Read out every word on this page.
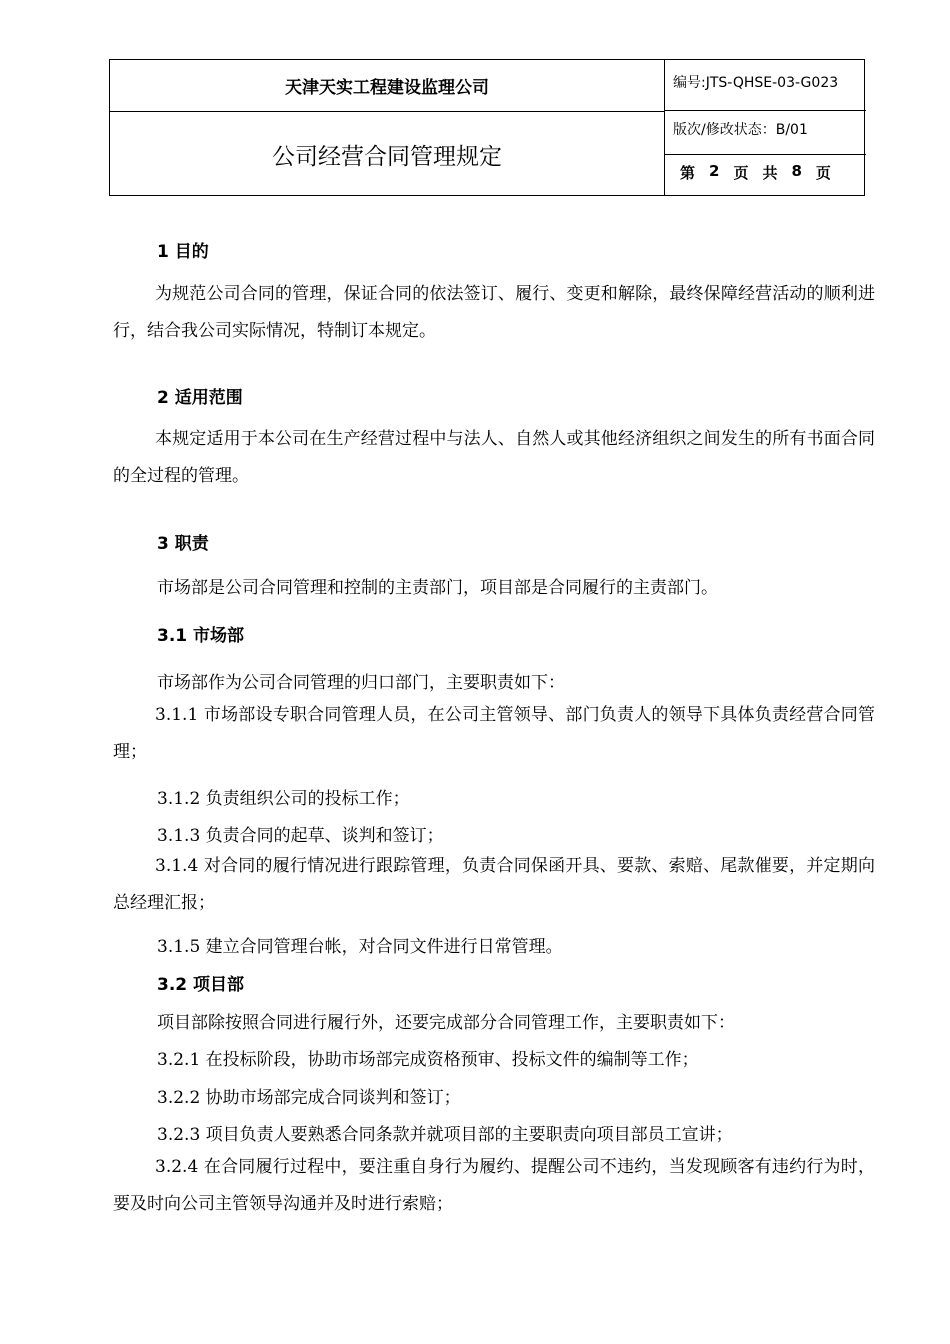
天津天实工程建设监理公司
公司经营合同管理规定
编号:JTS-QHSE-03-G023
版次/修改状态：B/01
第 2 页 共 8 页
1 目的

为规范公司合同的管理，保证合同的依法签订、履行、变更和解除，最终保障经营活动的顺利进行，结合我公司实际情况，特制订本规定。

2 适用范围

本规定适用于本公司在生产经营过程中与法人、自然人或其他经济组织之间发生的所有书面合同的全过程的管理。

3 职责
市场部是公司合同管理和控制的主责部门，项目部是合同履行的主责部门。
3.1 市场部
市场部作为公司合同管理的归口部门，主要职责如下：

3.1.1 市场部设专职合同管理人员，在公司主管领导、部门负责人的领导下具体负责经营合同管理；

3.1.2 负责组织公司的投标工作；
3.1.3 负责合同的起草、谈判和签订；

3.1.4 对合同的履行情况进行跟踪管理，负责合同保函开具、要款、索赔、尾款催要，并定期向总经理汇报；

3.1.5 建立合同管理台帐，对合同文件进行日常管理。
3.2 项目部
项目部除按照合同进行履行外，还要完成部分合同管理工作，主要职责如下：
3.2.1 在投标阶段，协助市场部完成资格预审、投标文件的编制等工作；
3.2.2 协助市场部完成合同谈判和签订；
3.2.3 项目负责人要熟悉合同条款并就项目部的主要职责向项目部员工宣讲；

3.2.4 在合同履行过程中，要注重自身行为履约、提醒公司不违约，当发现顾客有违约行为时，要及时向公司主管领导沟通并及时进行索赔；
